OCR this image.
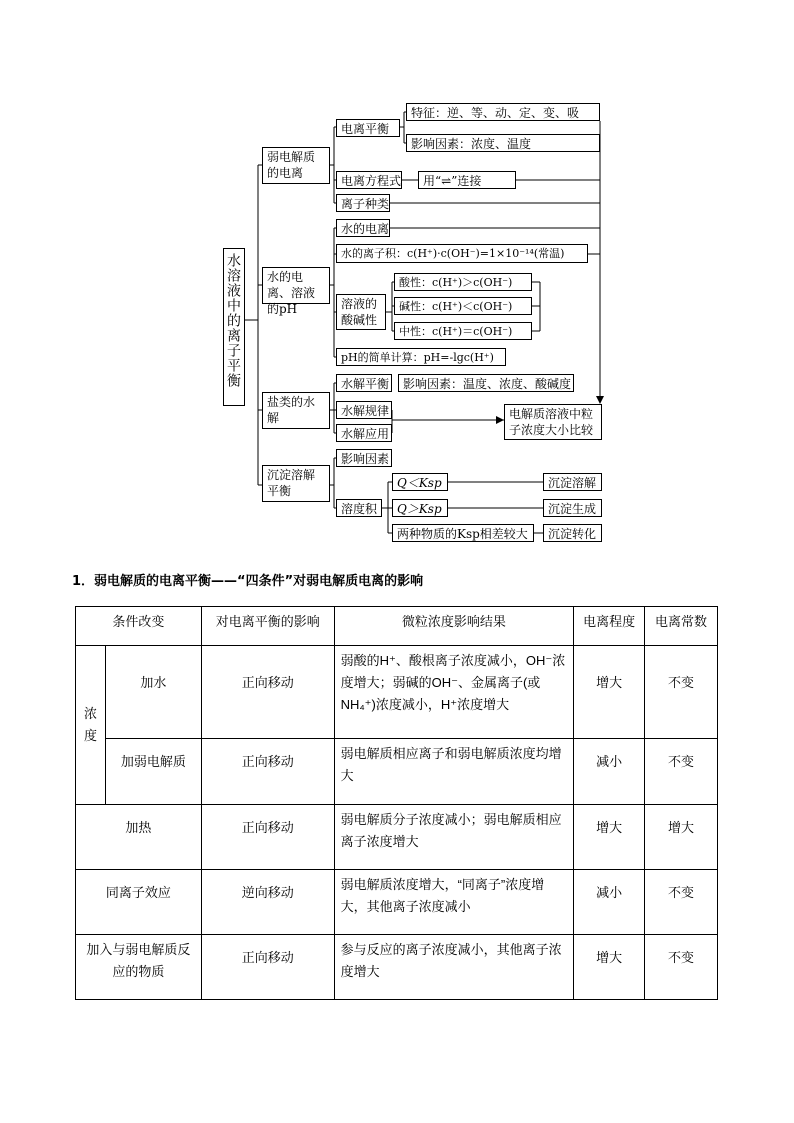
水溶液中的离子平衡
弱电解质的电离
电离平衡
特征：逆、等、动、定、变、吸
影响因素：浓度、温度
电离方程式	用“⇌”连接
离子种类
水的电离、溶液的pH
水的电离
水的离子积：c(H⁺)·c(OH⁻)=1×10⁻¹⁴(常温)
溶液的酸碱性
酸性：c(H⁺)＞c(OH⁻)
碱性：c(H⁺)＜c(OH⁻)
中性：c(H⁺)＝c(OH⁻)
pH的简单计算：pH=-lgc(H⁺)
盐类的水解
水解平衡	影响因素：温度、浓度、酸碱度
水解规律
水解应用
电解质溶液中粒子浓度大小比较
沉淀溶解平衡
影响因素
溶度积
Q＜Ksp
Q＞Ksp
两种物质的Ksp相差较大
沉淀溶解
沉淀生成
沉淀转化
1．弱电解质的电离平衡——“四条件”对弱电解质电离的影响
条件改变		对电离平衡的影响	微粒浓度影响结果	电离程度	电离常数
浓度	加水	正向移动	弱酸的H⁺、酸根离子浓度减小，OH⁻浓度增大；弱碱的OH⁻、金属离子(或NH₄⁺)浓度减小，H⁺浓度增大	增大	不变
	加弱电解质	正向移动	弱电解质相应离子和弱电解质浓度均增大	减小	不变
加热		正向移动	弱电解质分子浓度减小；弱电解质相应离子浓度增大	增大	增大
同离子效应		逆向移动	弱电解质浓度增大，“同离子”浓度增大，其他离子浓度减小	减小	不变
加入与弱电解质反应的物质		正向移动	参与反应的离子浓度减小，其他离子浓度增大	增大	不变
